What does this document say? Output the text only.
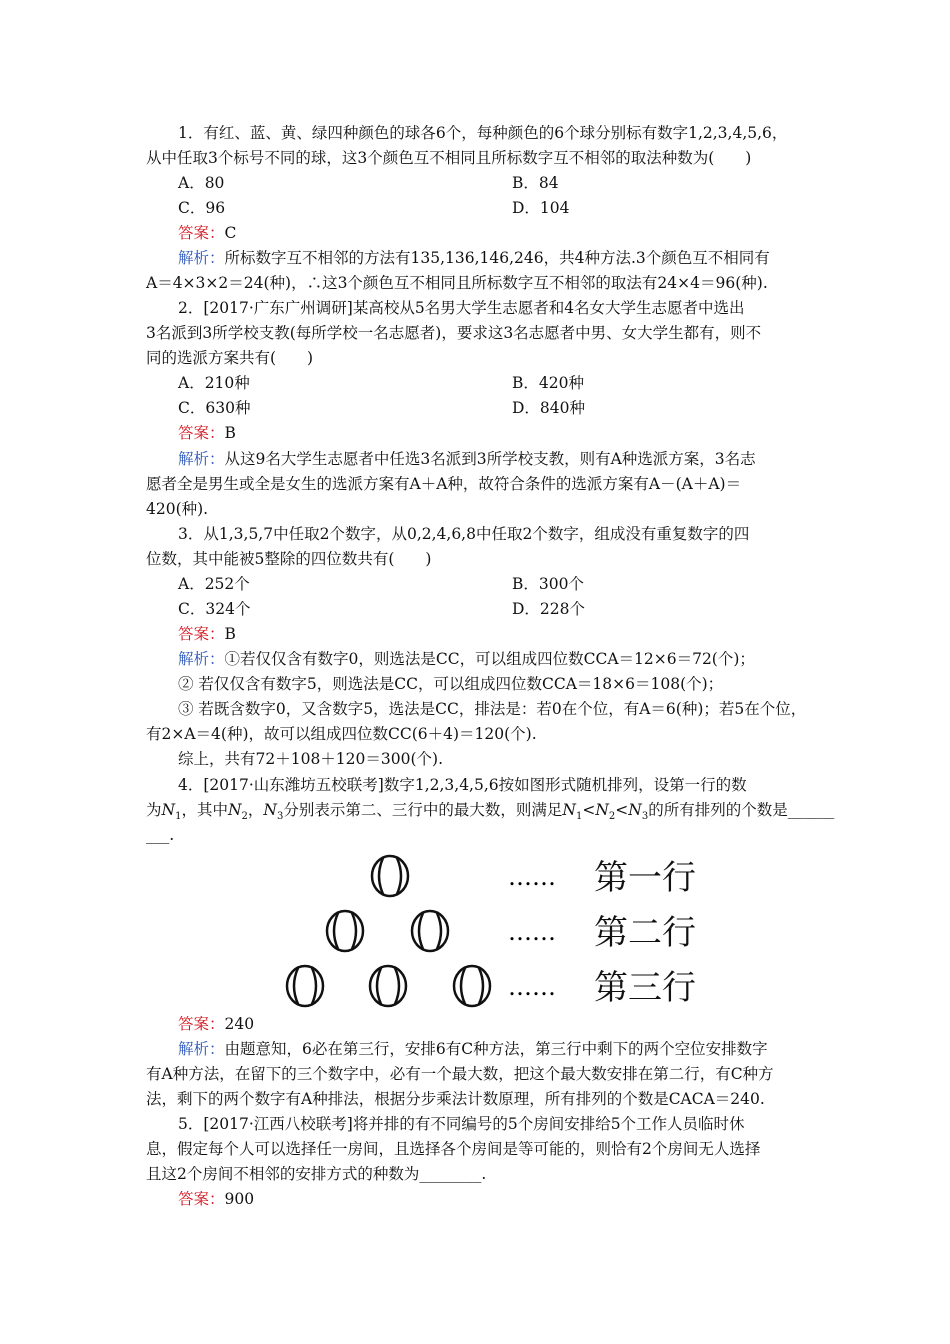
1．有红、蓝、黄、绿四种颜色的球各6个，每种颜色的6个球分别标有数字1,2,3,4,5,6，
从中任取3个标号不同的球，这3个颜色互不相同且所标数字互不相邻的取法种数为(　　)
A．80	B．84
C．96	D．104
答案：C
解析：所标数字互不相邻的方法有135,136,146,246，共4种方法.3个颜色互不相同有
A＝4×3×2＝24(种)，∴这3个颜色互不相同且所标数字互不相邻的取法有24×4＝96(种).
2．[2017·广东广州调研]某高校从5名男大学生志愿者和4名女大学生志愿者中选出
3名派到3所学校支教(每所学校一名志愿者)，要求这3名志愿者中男、女大学生都有，则不
同的选派方案共有(　　)
A．210种	B．420种
C．630种	D．840种
答案：B
解析：从这9名大学生志愿者中任选3名派到3所学校支教，则有A种选派方案，3名志
愿者全是男生或全是女生的选派方案有A＋A种，故符合条件的选派方案有A－(A＋A)＝
420(种).
3．从1,3,5,7中任取2个数字，从0,2,4,6,8中任取2个数字，组成没有重复数字的四
位数，其中能被5整除的四位数共有(　　)
A．252个	B．300个
C．324个	D．228个
答案：B
解析：①若仅仅含有数字0，则选法是CC，可以组成四位数CCA＝12×6＝72(个)；
② 若仅仅含有数字5，则选法是CC，可以组成四位数CCA＝18×6＝108(个)；
③ 若既含数字0，又含数字5，选法是CC，排法是：若0在个位，有A＝6(种)；若5在个位，
有2×A＝4(种)，故可以组成四位数CC(6＋4)＝120(个).
综上，共有72＋108＋120＝300(个).
4．[2017·山东潍坊五校联考]数字1,2,3,4,5,6按如图形式随机排列，设第一行的数
为$N_1$，其中$N_2$，$N_3$分别表示第二、三行中的最大数，则满足$N_1<N_2<N_3$的所有排列的个数是______
___.
…… 第一行
…… 第二行
…… 第三行
答案：240
解析：由题意知，6必在第三行，安排6有C种方法，第三行中剩下的两个空位安排数字
有A种方法，在留下的三个数字中，必有一个最大数，把这个最大数安排在第二行，有C种方
法，剩下的两个数字有A种排法，根据分步乘法计数原理，所有排列的个数是CACA＝240.
5．[2017·江西八校联考]将并排的有不同编号的5个房间安排给5个工作人员临时休
息，假定每个人可以选择任一房间，且选择各个房间是等可能的，则恰有2个房间无人选择
且这2个房间不相邻的安排方式的种数为________.
答案：900
